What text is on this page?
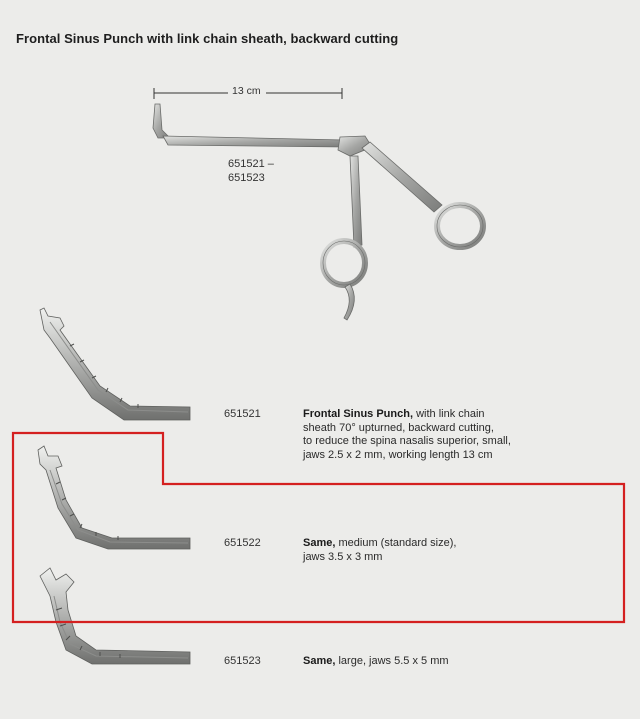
Frontal Sinus Punch with link chain sheath, backward cutting
13 cm
651521 –
651523
651521	Frontal Sinus Punch, with link chain
sheath 70° upturned, backward cutting,
to reduce the spina nasalis superior, small,
jaws 2.5 x 2 mm, working length 13 cm
651522	Same, medium (standard size),
jaws 3.5 x 3 mm
651523	Same, large, jaws 5.5 x 5 mm
